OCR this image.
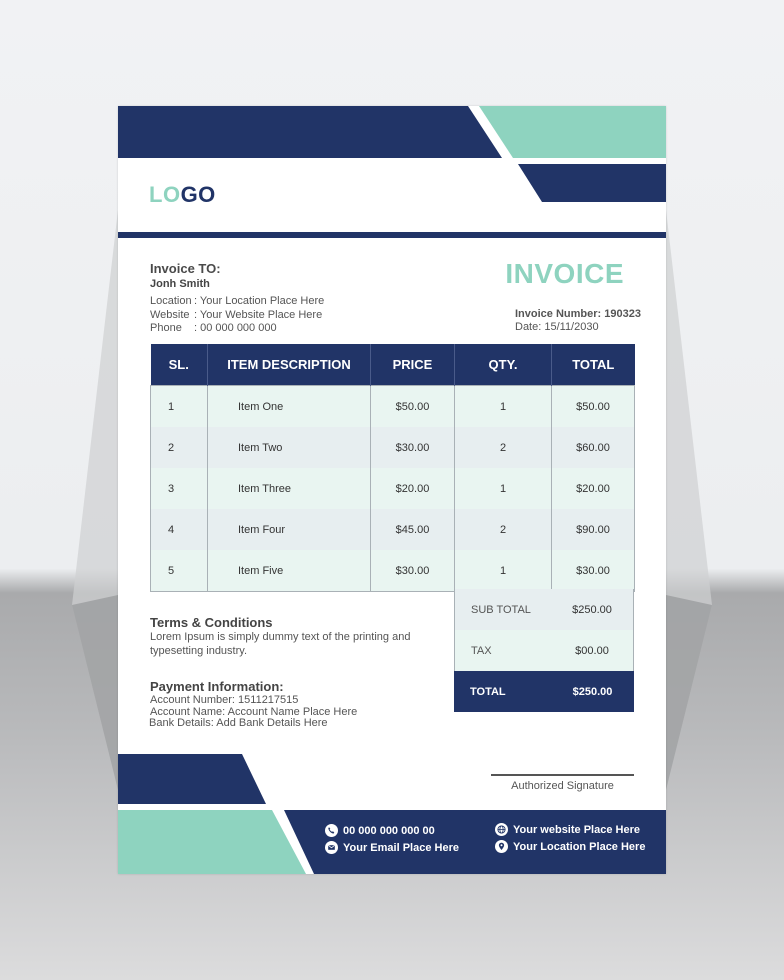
LOGO
Invoice TO:
Jonh Smith
Location : Your Location Place Here
Website : Your Website Place Here
Phone : 00 000 000 000
INVOICE
Invoice Number: 190323
Date: 15/11/2030
SL.	ITEM DESCRIPTION	PRICE	QTY.	TOTAL
1	Item One	$50.00	1	$50.00
2	Item Two	$30.00	2	$60.00
3	Item Three	$20.00	1	$20.00
4	Item Four	$45.00	2	$90.00
5	Item Five	$30.00	1	$30.00
SUB TOTAL	$250.00
TAX	$00.00
TOTAL	$250.00
Terms & Conditions
Lorem Ipsum is simply dummy text of the printing and typesetting industry.
Payment Information:
Account Number: 1511217515
Account Name: Account Name Place Here
Bank Details: Add Bank Details Here
Authorized Signature
00 000 000 000 00
Your Email Place Here
Your website Place Here
Your Location Place Here
